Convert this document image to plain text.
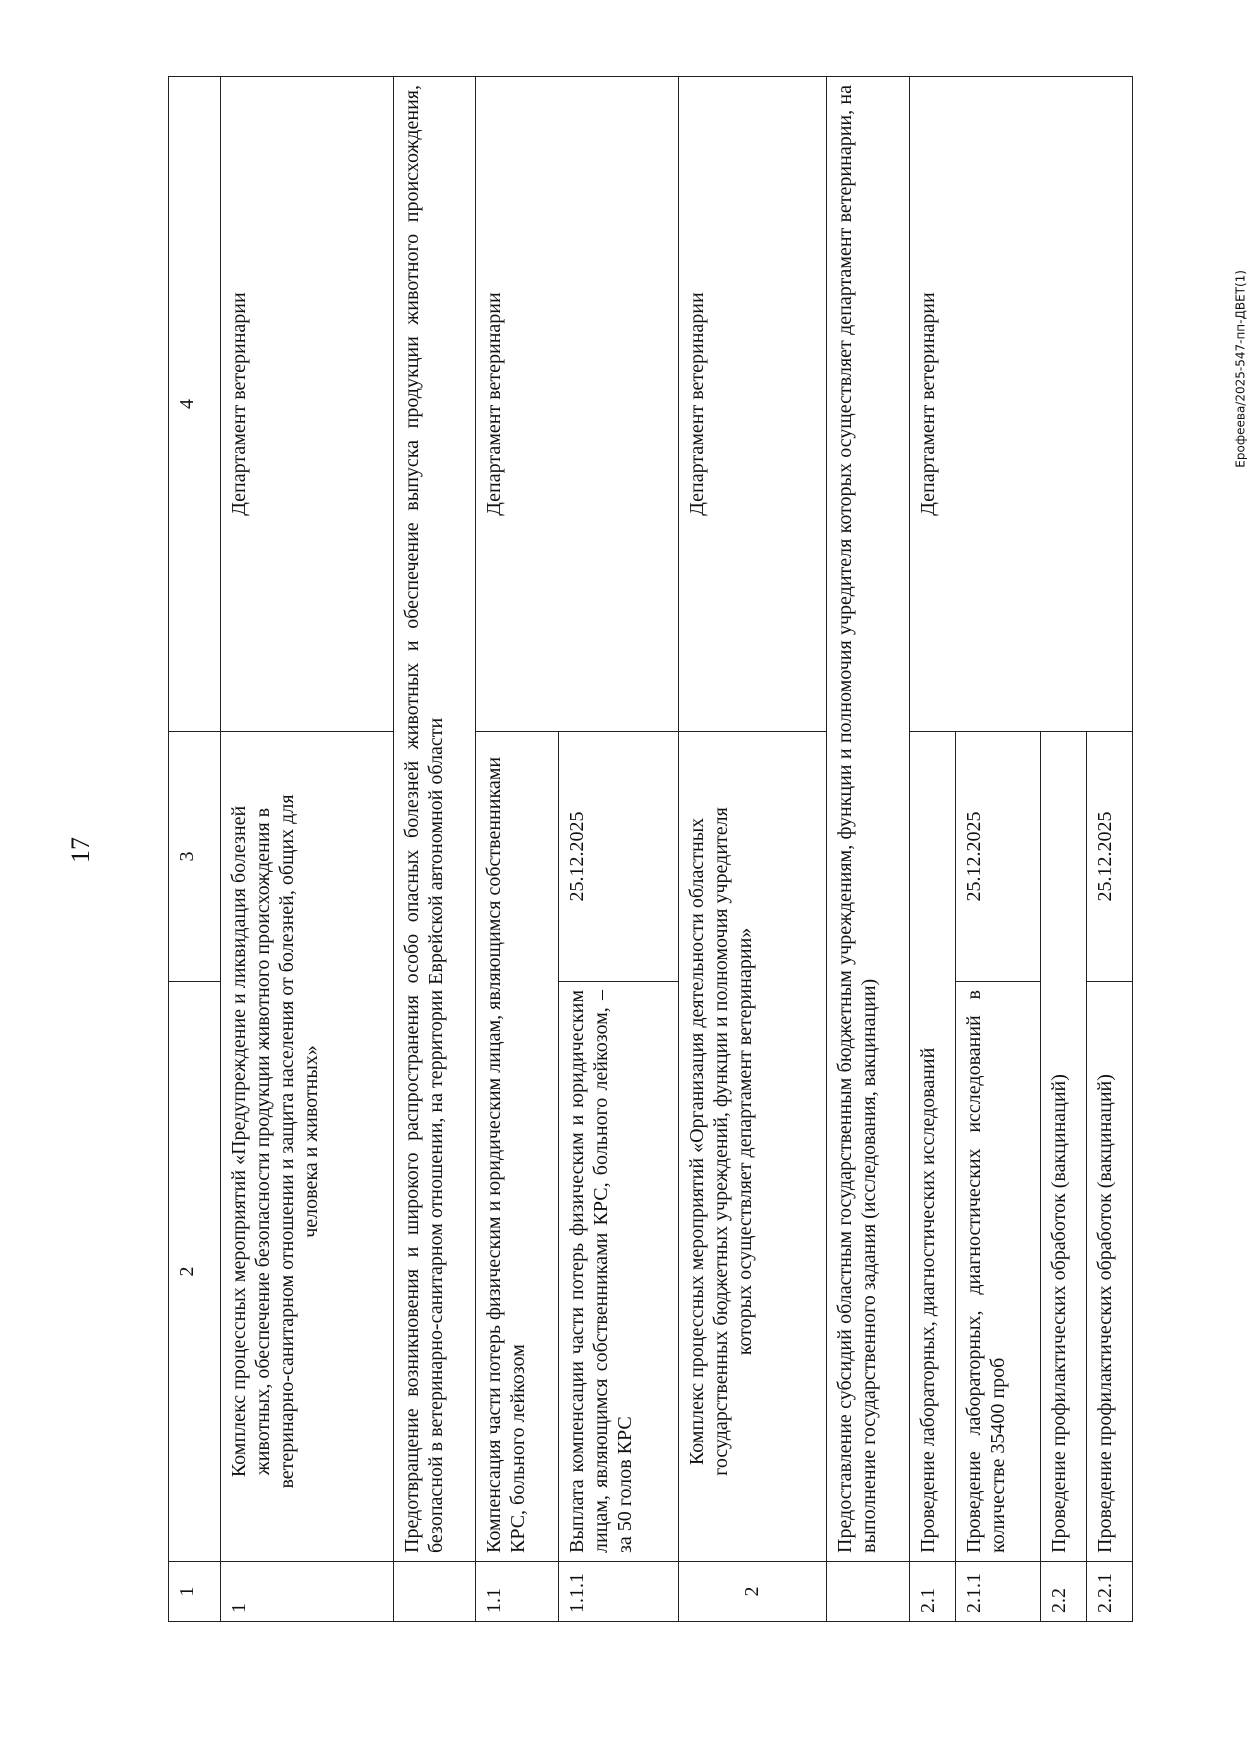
17
Ерофеева/2025-547-пп-ДВЕТ(1)
1	2	3	4
1	Комплекс процессных мероприятий «Предупреждение и ликвидация болезней животных, обеспечение безопасности продукции животного происхождения в ветеринарно-санитарном отношении и защита населения от болезней, общих для человека и животных»		Департамент ветеринарии
	Предотвращение возникновения и широкого распространения особо опасных болезней животных и обеспечение выпуска продукции животного происхождения, безопасной в ветеринарно-санитарном отношении, на территории Еврейской автономной области		
1.1	Компенсация части потерь физическим и юридическим лицам, являющимся собственниками КРС, больного лейкозом		Департамент ветеринарии
1.1.1	Выплата компенсации части потерь физическим и юридическим лицам, являющимся собственниками КРС, больного лейкозом, – за 50 голов КРС	25.12.2025	
2	Комплекс процессных мероприятий «Организация деятельности областных государственных бюджетных учреждений, функции и полномочия учредителя которых осуществляет департамент ветеринарии»		Департамент ветеринарии
	Предоставление субсидий областным государственным бюджетным учреждениям, функции и полномочия учредителя которых осуществляет департамент ветеринарии, на выполнение государственного задания (исследования, вакцинации)		
2.1	Проведение лабораторных, диагностических исследований		Департамент ветеринарии
2.1.1	Проведение лабораторных, диагностических исследований в количестве 35400 проб	25.12.2025	
2.2	Проведение профилактических обработок (вакцинаций)		
2.2.1	Проведение профилактических обработок (вакцинаций)	25.12.2025	
